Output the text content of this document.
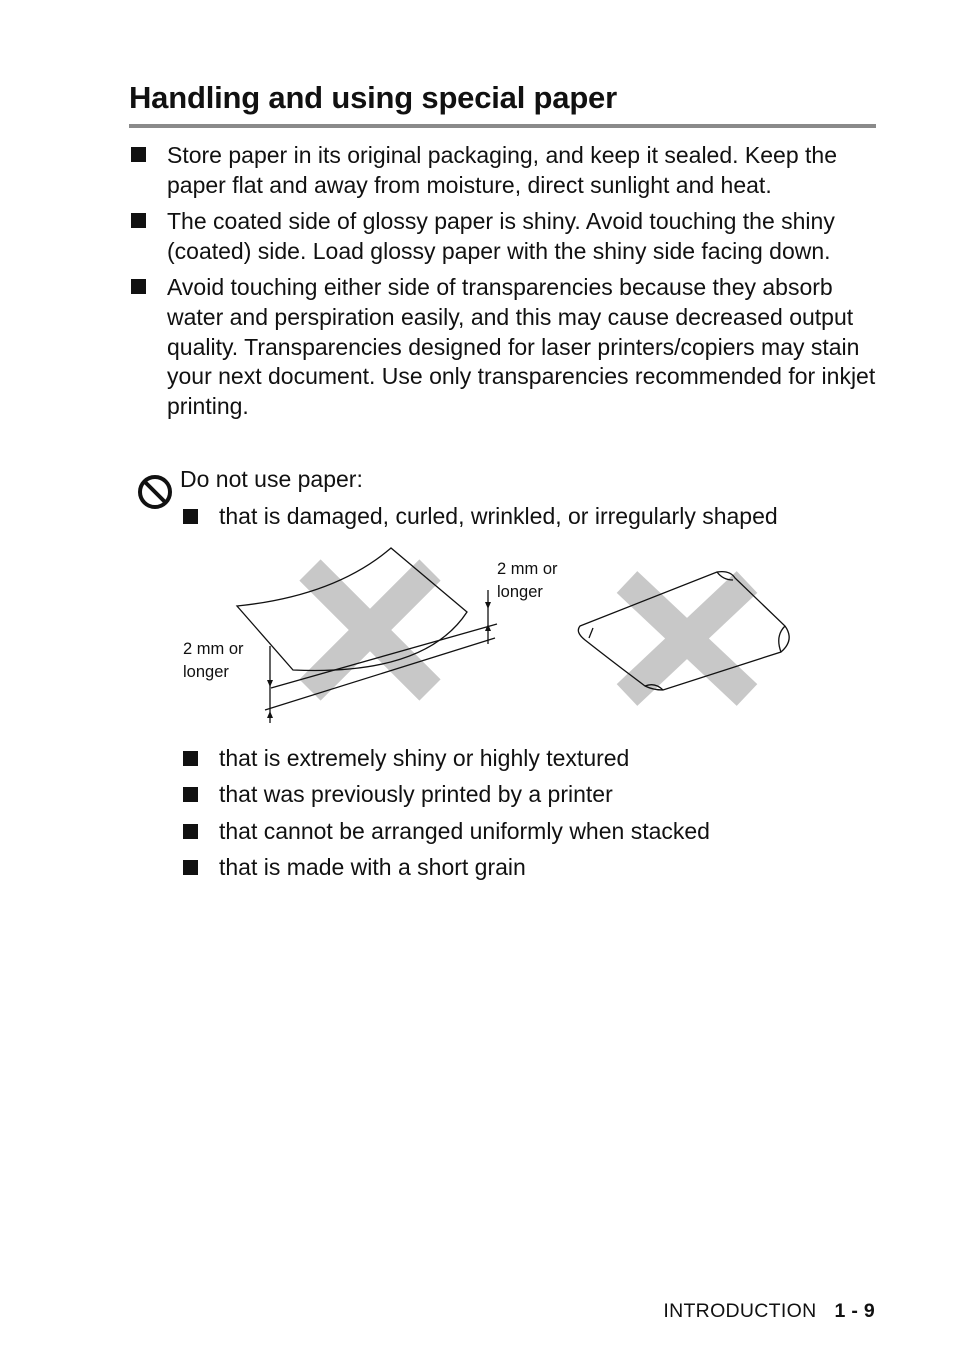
Handling and using special paper
Store paper in its original packaging, and keep it sealed. Keep the paper flat and away from moisture, direct sunlight and heat.
The coated side of glossy paper is shiny. Avoid touching the shiny (coated) side. Load glossy paper with the shiny side facing down.
Avoid touching either side of transparencies because they absorb water and perspiration easily, and this may cause decreased output quality. Transparencies designed for laser printers/copiers may stain your next document. Use only transparencies recommended for inkjet printing.
Do not use paper:
that is damaged, curled, wrinkled, or irregularly shaped
that is extremely shiny or highly textured
that was previously printed by a printer
that cannot be arranged uniformly when stacked
that is made with a short grain
2 mm or
longer
2 mm or
longer
INTRODUCTION 1 - 9
